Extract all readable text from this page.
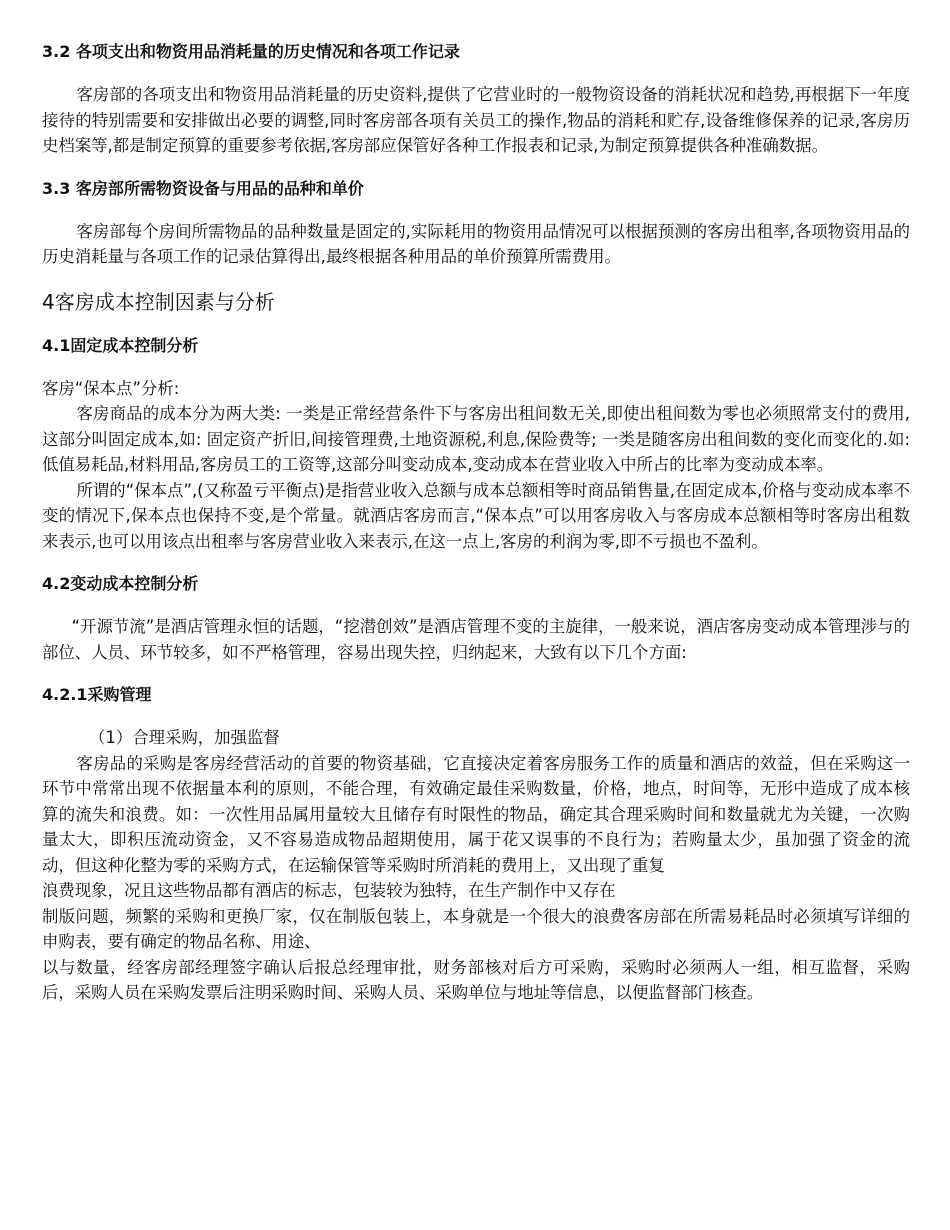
3.2 各项支出和物资用品消耗量的历史情况和各项工作记录

客房部的各项支出和物资用品消耗量的历史资料,提供了它营业时的一般物资设备的消耗状况和趋势,再根据下一年度接待的特别需要和安排做出必要的调整,同时客房部各项有关员工的操作,物品的消耗和贮存,设备维修保养的记录,客房历史档案等,都是制定预算的重要参考依据,客房部应保管好各种工作报表和记录,为制定预算提供各种准确数据。

3.3 客房部所需物资设备与用品的品种和单价

客房部每个房间所需物品的品种数量是固定的,实际耗用的物资用品情况可以根据预测的客房出租率,各项物资用品的历史消耗量与各项工作的记录估算得出,最终根据各种用品的单价预算所需费用。

4客房成本控制因素与分析
4.1固定成本控制分析

客房“保本点”分析:

客房商品的成本分为两大类: 一类是正常经营条件下与客房出租间数无关,即使出租间数为零也必须照常支付的费用,这部分叫固定成本,如: 固定资产折旧,间接管理费,土地资源税,利息,保险费等; 一类是随客房出租间数的变化而变化的.如: 低值易耗品,材料用品,客房员工的工资等,这部分叫变动成本,变动成本在营业收入中所占的比率为变动成本率。

所谓的“保本点”,(又称盈亏平衡点)是指营业收入总额与成本总额相等时商品销售量,在固定成本,价格与变动成本率不变的情况下,保本点也保持不变,是个常量。就酒店客房而言,“保本点”可以用客房收入与客房成本总额相等时客房出租数来表示,也可以用该点出租率与客房营业收入来表示,在这一点上,客房的利润为零,即不亏损也不盈利。

4.2变动成本控制分析

“开源节流”是酒店管理永恒的话题，“挖潜创效”是酒店管理不变的主旋律，一般来说，酒店客房变动成本管理涉与的部位、人员、环节较多，如不严格管理，容易出现失控，归纳起来，大致有以下几个方面:

4.2.1采购管理

（1）合理采购，加强监督

客房品的采购是客房经营活动的首要的物资基础，它直接决定着客房服务工作的质量和酒店的效益，但在采购这一环节中常常出现不依据量本利的原则，不能合理，有效确定最佳采购数量，价格，地点，时间等，无形中造成了成本核算的流失和浪费。如：一次性用品属用量较大且储存有时限性的物品，确定其合理采购时间和数量就尤为关键，一次购量太大，即积压流动资金，又不容易造成物品超期使用，属于花又误事的不良行为；若购量太少，虽加强了资金的流动，但这种化整为零的采购方式，在运输保管等采购时所消耗的费用上，又出现了重复

浪费现象，况且这些物品都有酒店的标志，包装较为独特，在生产制作中又存在

制版问题，频繁的采购和更换厂家，仅在制版包装上，本身就是一个很大的浪费客房部在所需易耗品时必须填写详细的申购表，要有确定的物品名称、用途、

以与数量，经客房部经理签字确认后报总经理审批，财务部核对后方可采购，采购时必须两人一组，相互监督，采购后，采购人员在采购发票后注明采购时间、采购人员、采购单位与地址等信息，以便监督部门核查。
